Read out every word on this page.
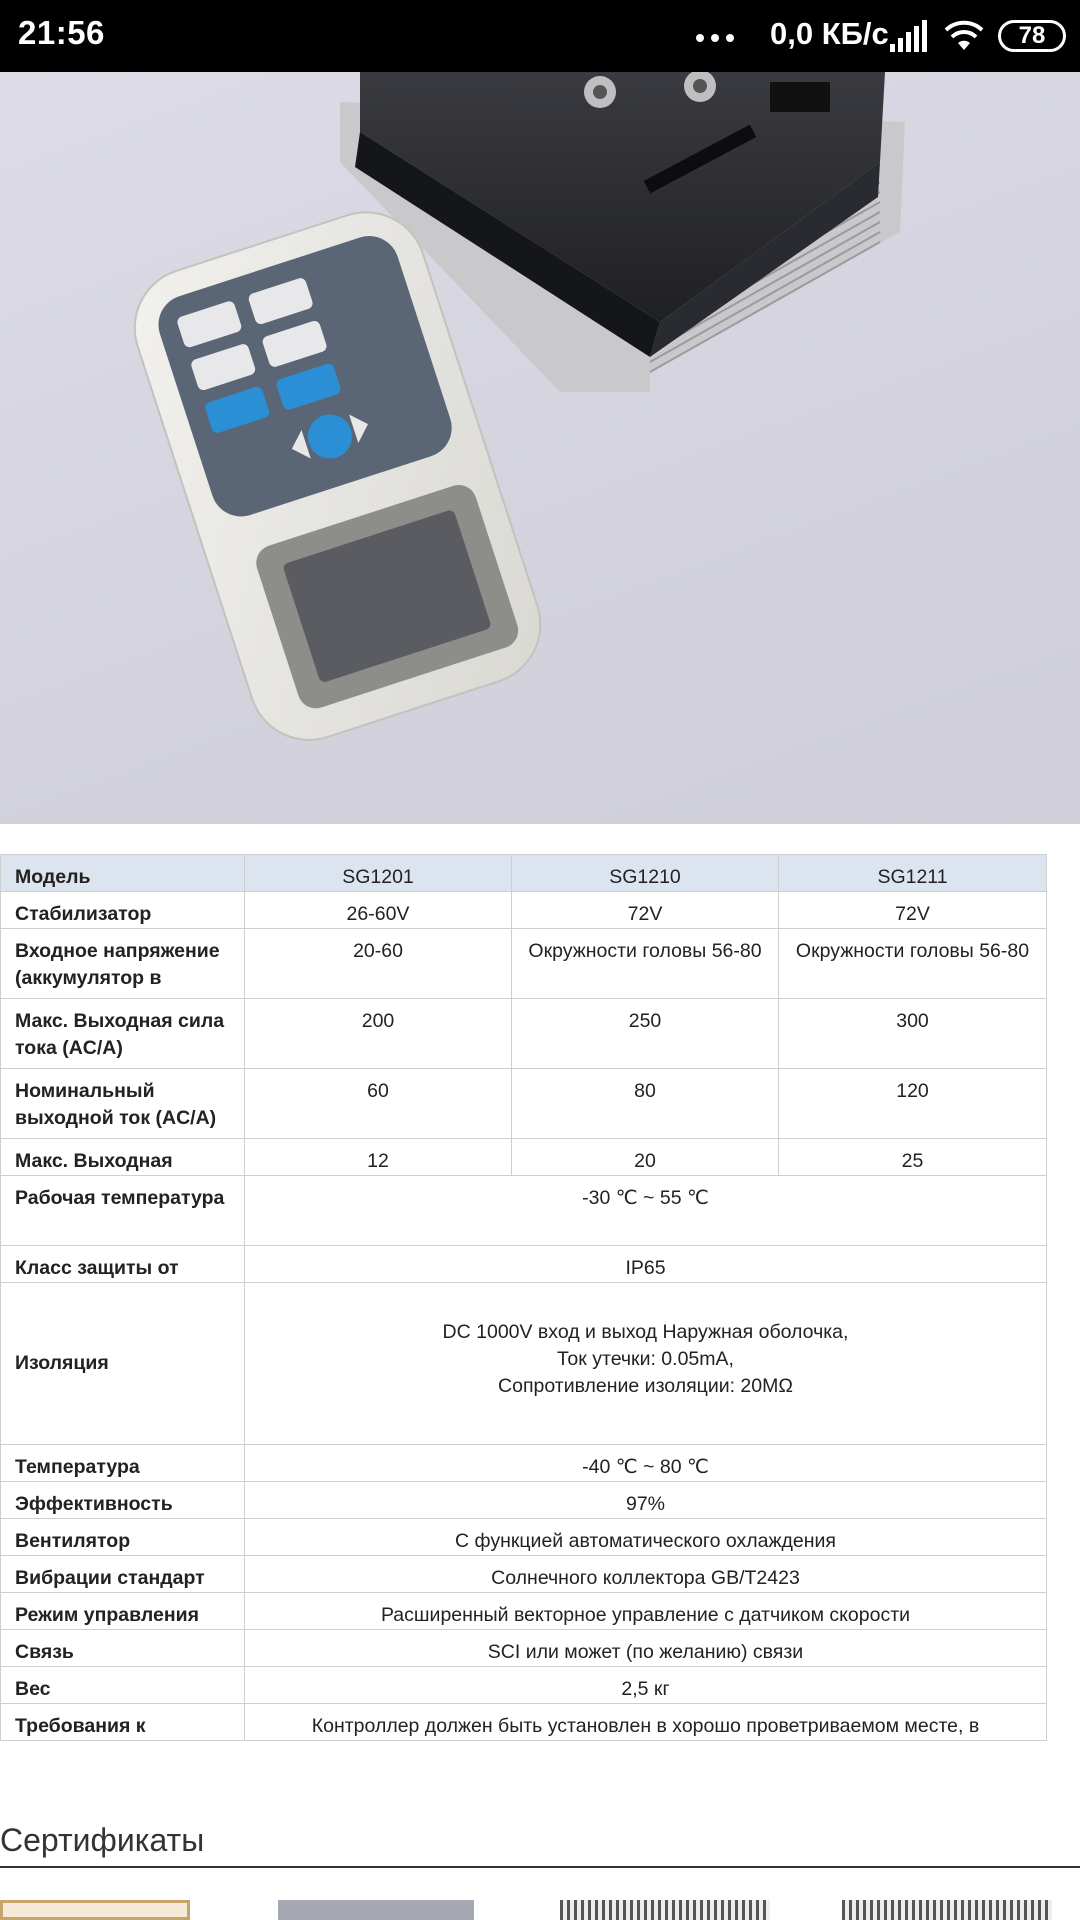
21:56	0,0 КБ/с	78
Модель	SG1201	SG1210	SG1211
Стабилизатор	26-60V	72V	72V
Входное напряжение (аккумулятор в	20-60	Окружности головы 56-80	Окружности головы 56-80
Макс. Выходная сила тока (AC/A)	200	250	300
Номинальный выходной ток (AC/A)	60	80	120
Макс. Выходная	12	20	25
Рабочая температура	-30 ℃ ~ 55 ℃		
Класс защиты от	IP65		
Изоляция	DC 1000V вход и выход Наружная оболочка,
Ток утечки: 0.05mA,
Сопротивление изоляции: 20MΩ		

Температура	-40 ℃ ~ 80 ℃		
Эффективность	97%		
Вентилятор	С функцией автоматического охлаждения		
Вибрации стандарт	Солнечного коллектора GB/T2423		
Режим управления	Расширенный векторное управление с датчиком скорости		
Связь	SCI или может (по желанию) связи		
Вес	2,5 кг		
Требования к	Контроллер должен быть установлен в хорошо проветриваемом месте, в		
Сертификаты
